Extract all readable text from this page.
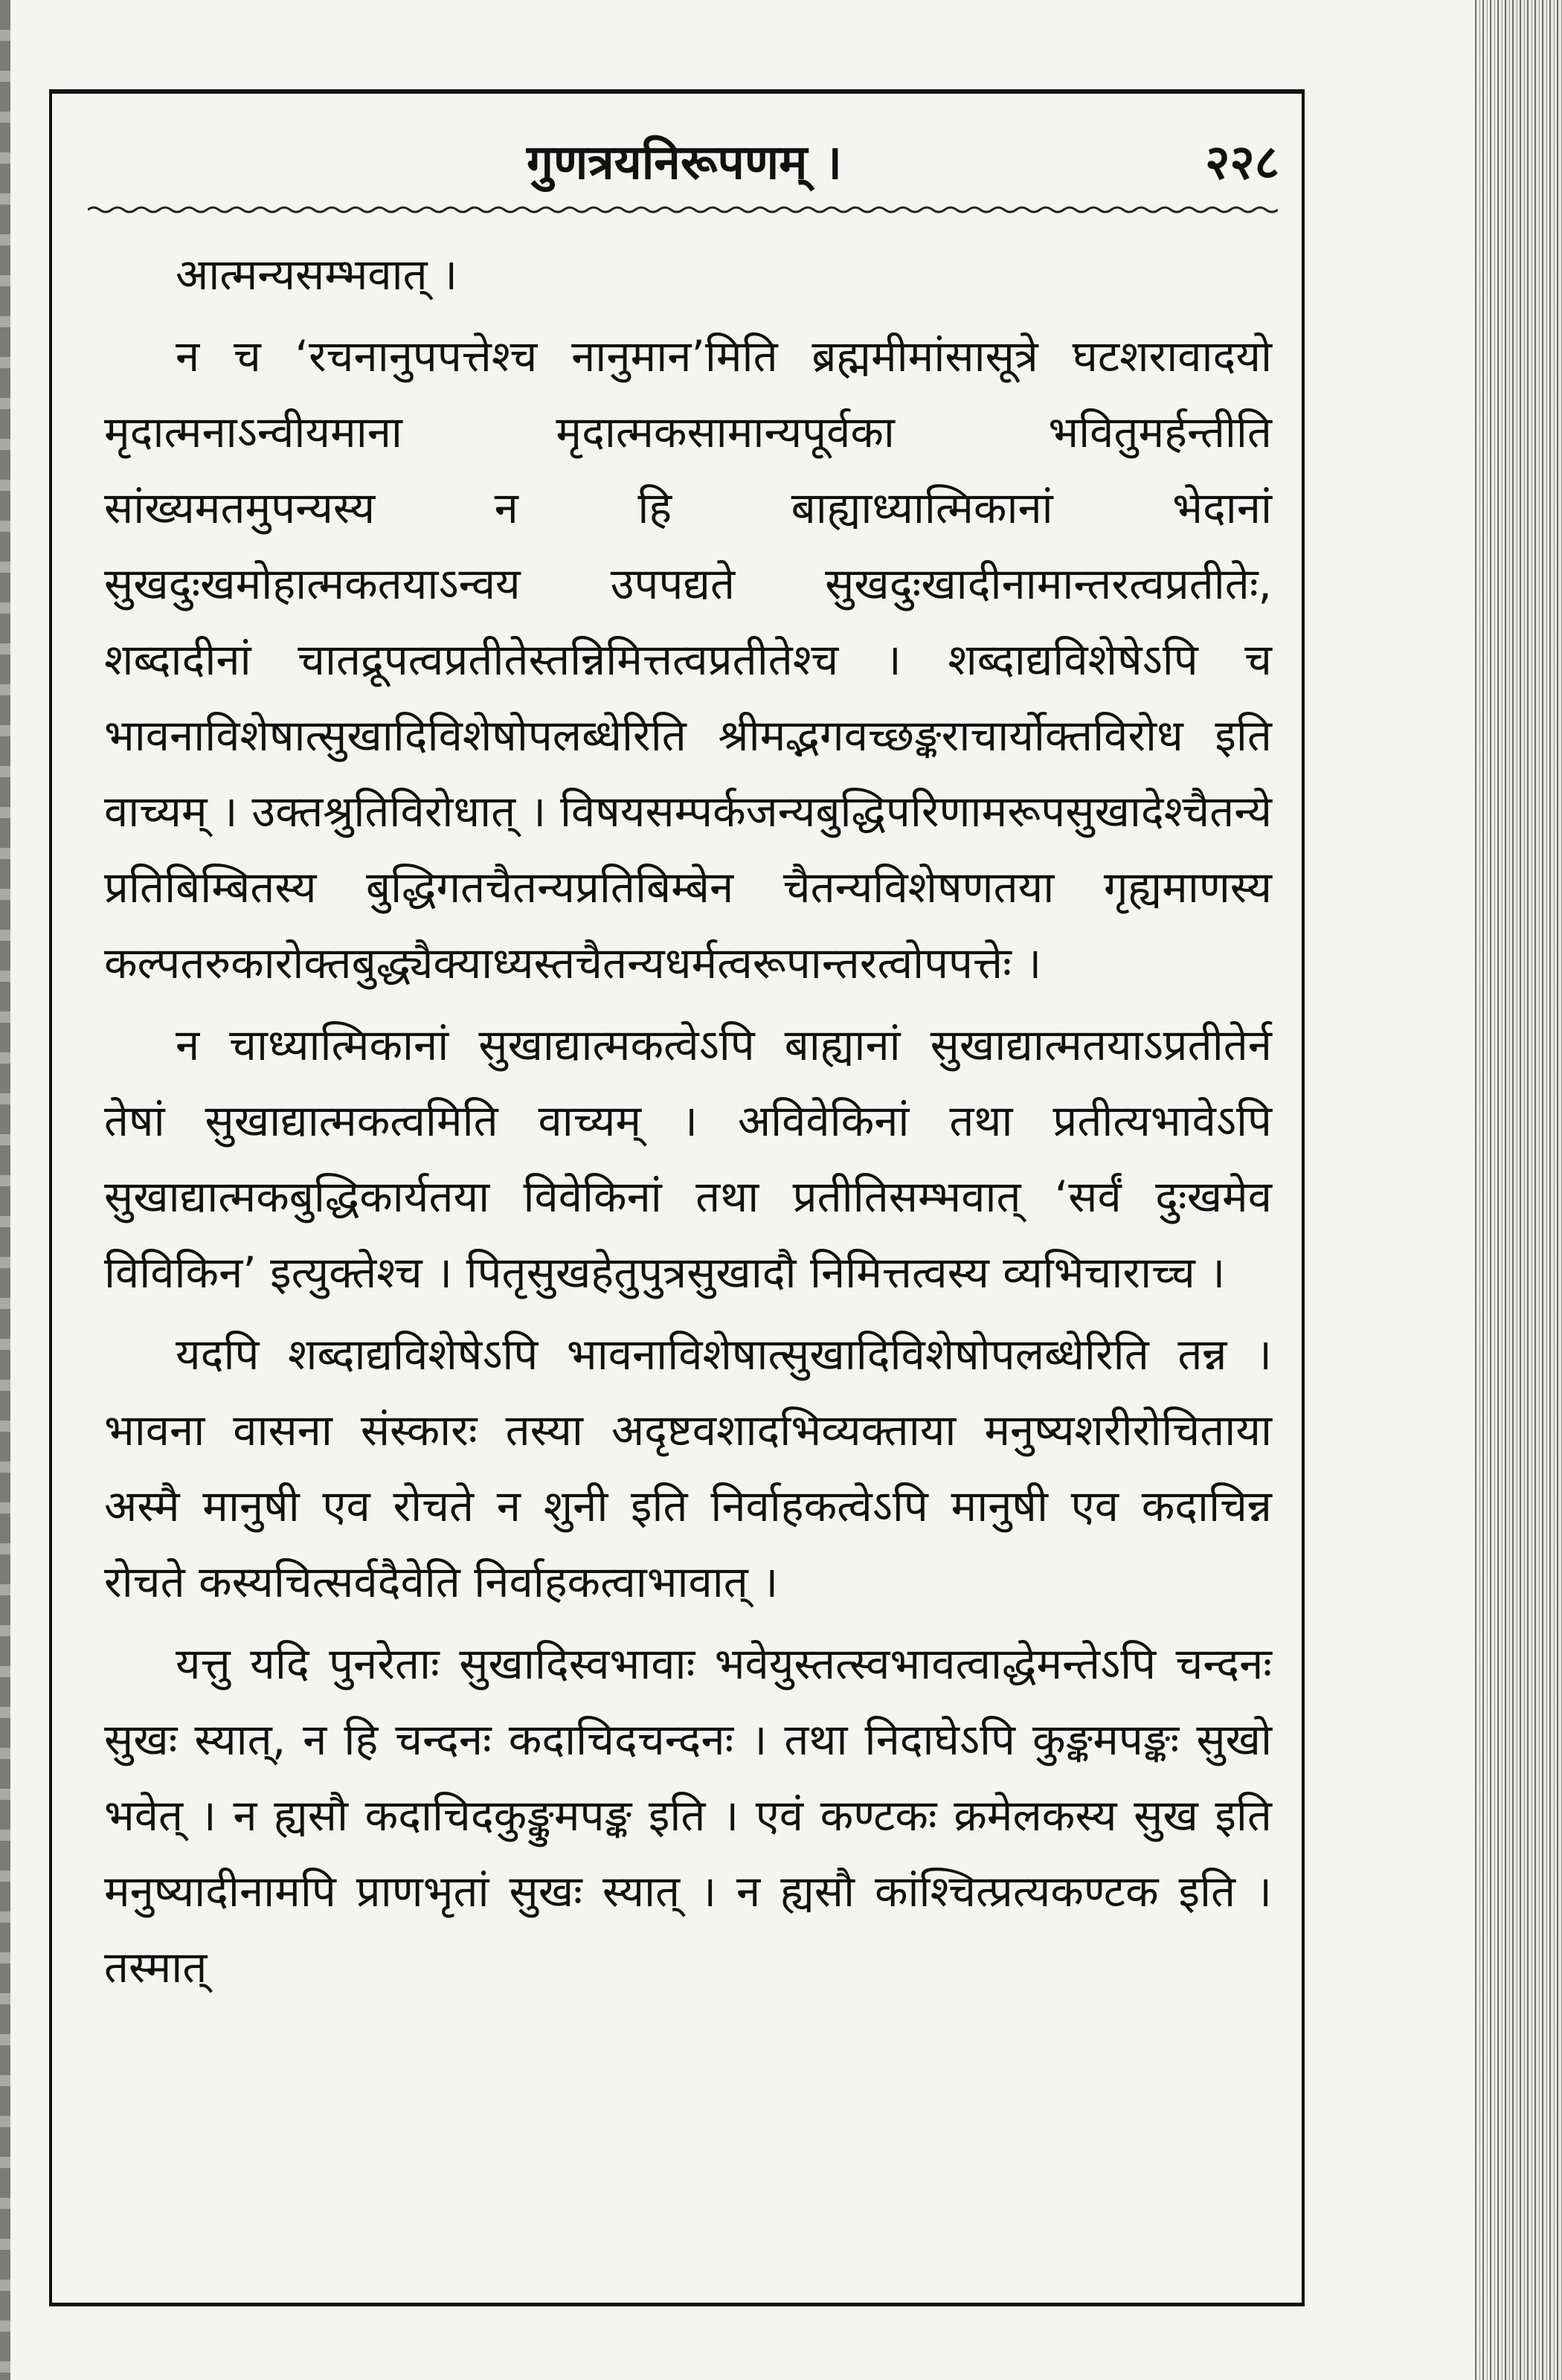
गुणत्रयनिरूपणम् ।	२२८

आत्मन्यसम्भवात् ।

न च ‘रचनानुपपत्तेश्च नानुमान’मिति ब्रह्ममीमांसासूत्रे घटशरावादयो मृदात्मनाऽन्वीयमाना मृदात्मकसामान्यपूर्वका भवितुमर्हन्तीति सांख्यमतमुपन्यस्य न हि बाह्याध्यात्मिकानां भेदानां सुखदुःखमोहात्मकतयाऽन्वय उपपद्यते सुखदुःखादीनामान्तरत्वप्रतीतेः, शब्दादीनां चातद्रूपत्वप्रतीतेस्तन्निमित्तत्वप्रतीतेश्च । शब्दाद्यविशेषेऽपि च भावनाविशेषात्सुखादिविशेषोपलब्धेरिति श्रीमद्भगवच्छङ्कराचार्योक्तविरोध इति वाच्यम् । उक्तश्रुतिविरोधात् । विषयसम्पर्कजन्यबुद्धिपरिणामरूपसुखादेश्चैतन्ये प्रतिबिम्बितस्य बुद्धिगतचैतन्यप्रतिबिम्बेन चैतन्यविशेषणतया गृह्यमाणस्य कल्पतरुकारोक्तबुद्ध्यैक्याध्यस्तचैतन्यधर्मत्वरूपान्तरत्वोपपत्तेः ।

न चाध्यात्मिकानां सुखाद्यात्मकत्वेऽपि बाह्यानां सुखाद्यात्मतयाऽप्रतीतेर्न तेषां सुखाद्यात्मकत्वमिति वाच्यम् । अविवेकिनां तथा प्रतीत्यभावेऽपि सुखाद्यात्मकबुद्धिकार्यतया विवेकिनां तथा प्रतीतिसम्भवात् ‘सर्वं दुःखमेव विविकिन’ इत्युक्तेश्च । पितृसुखहेतुपुत्रसुखादौ निमित्तत्वस्य व्यभिचाराच्च ।

यदपि शब्दाद्यविशेषेऽपि भावनाविशेषात्सुखादिविशेषोपलब्धेरिति तन्न । भावना वासना संस्कारः तस्या अदृष्टवशादभिव्यक्ताया मनुष्यशरीरोचिताया अस्मै मानुषी एव रोचते न शुनी इति निर्वाहकत्वेऽपि मानुषी एव कदाचिन्न रोचते कस्यचित्सर्वदैवेति निर्वाहकत्वाभावात् ।

यत्तु यदि पुनरेताः सुखादिस्वभावाः भवेयुस्तत्स्वभावत्वाद्धेमन्तेऽपि चन्दनः सुखः स्यात्, न हि चन्दनः कदाचिदचन्दनः । तथा निदाघेऽपि कुङ्कमपङ्कः सुखो भवेत् । न ह्यसौ कदाचिदकुङ्कुमपङ्क इति । एवं कण्टकः क्रमेलकस्य सुख इति मनुष्यादीनामपि प्राणभृतां सुखः स्यात् । न ह्यसौ कांश्चित्प्रत्यकण्टक इति । तस्मात्
